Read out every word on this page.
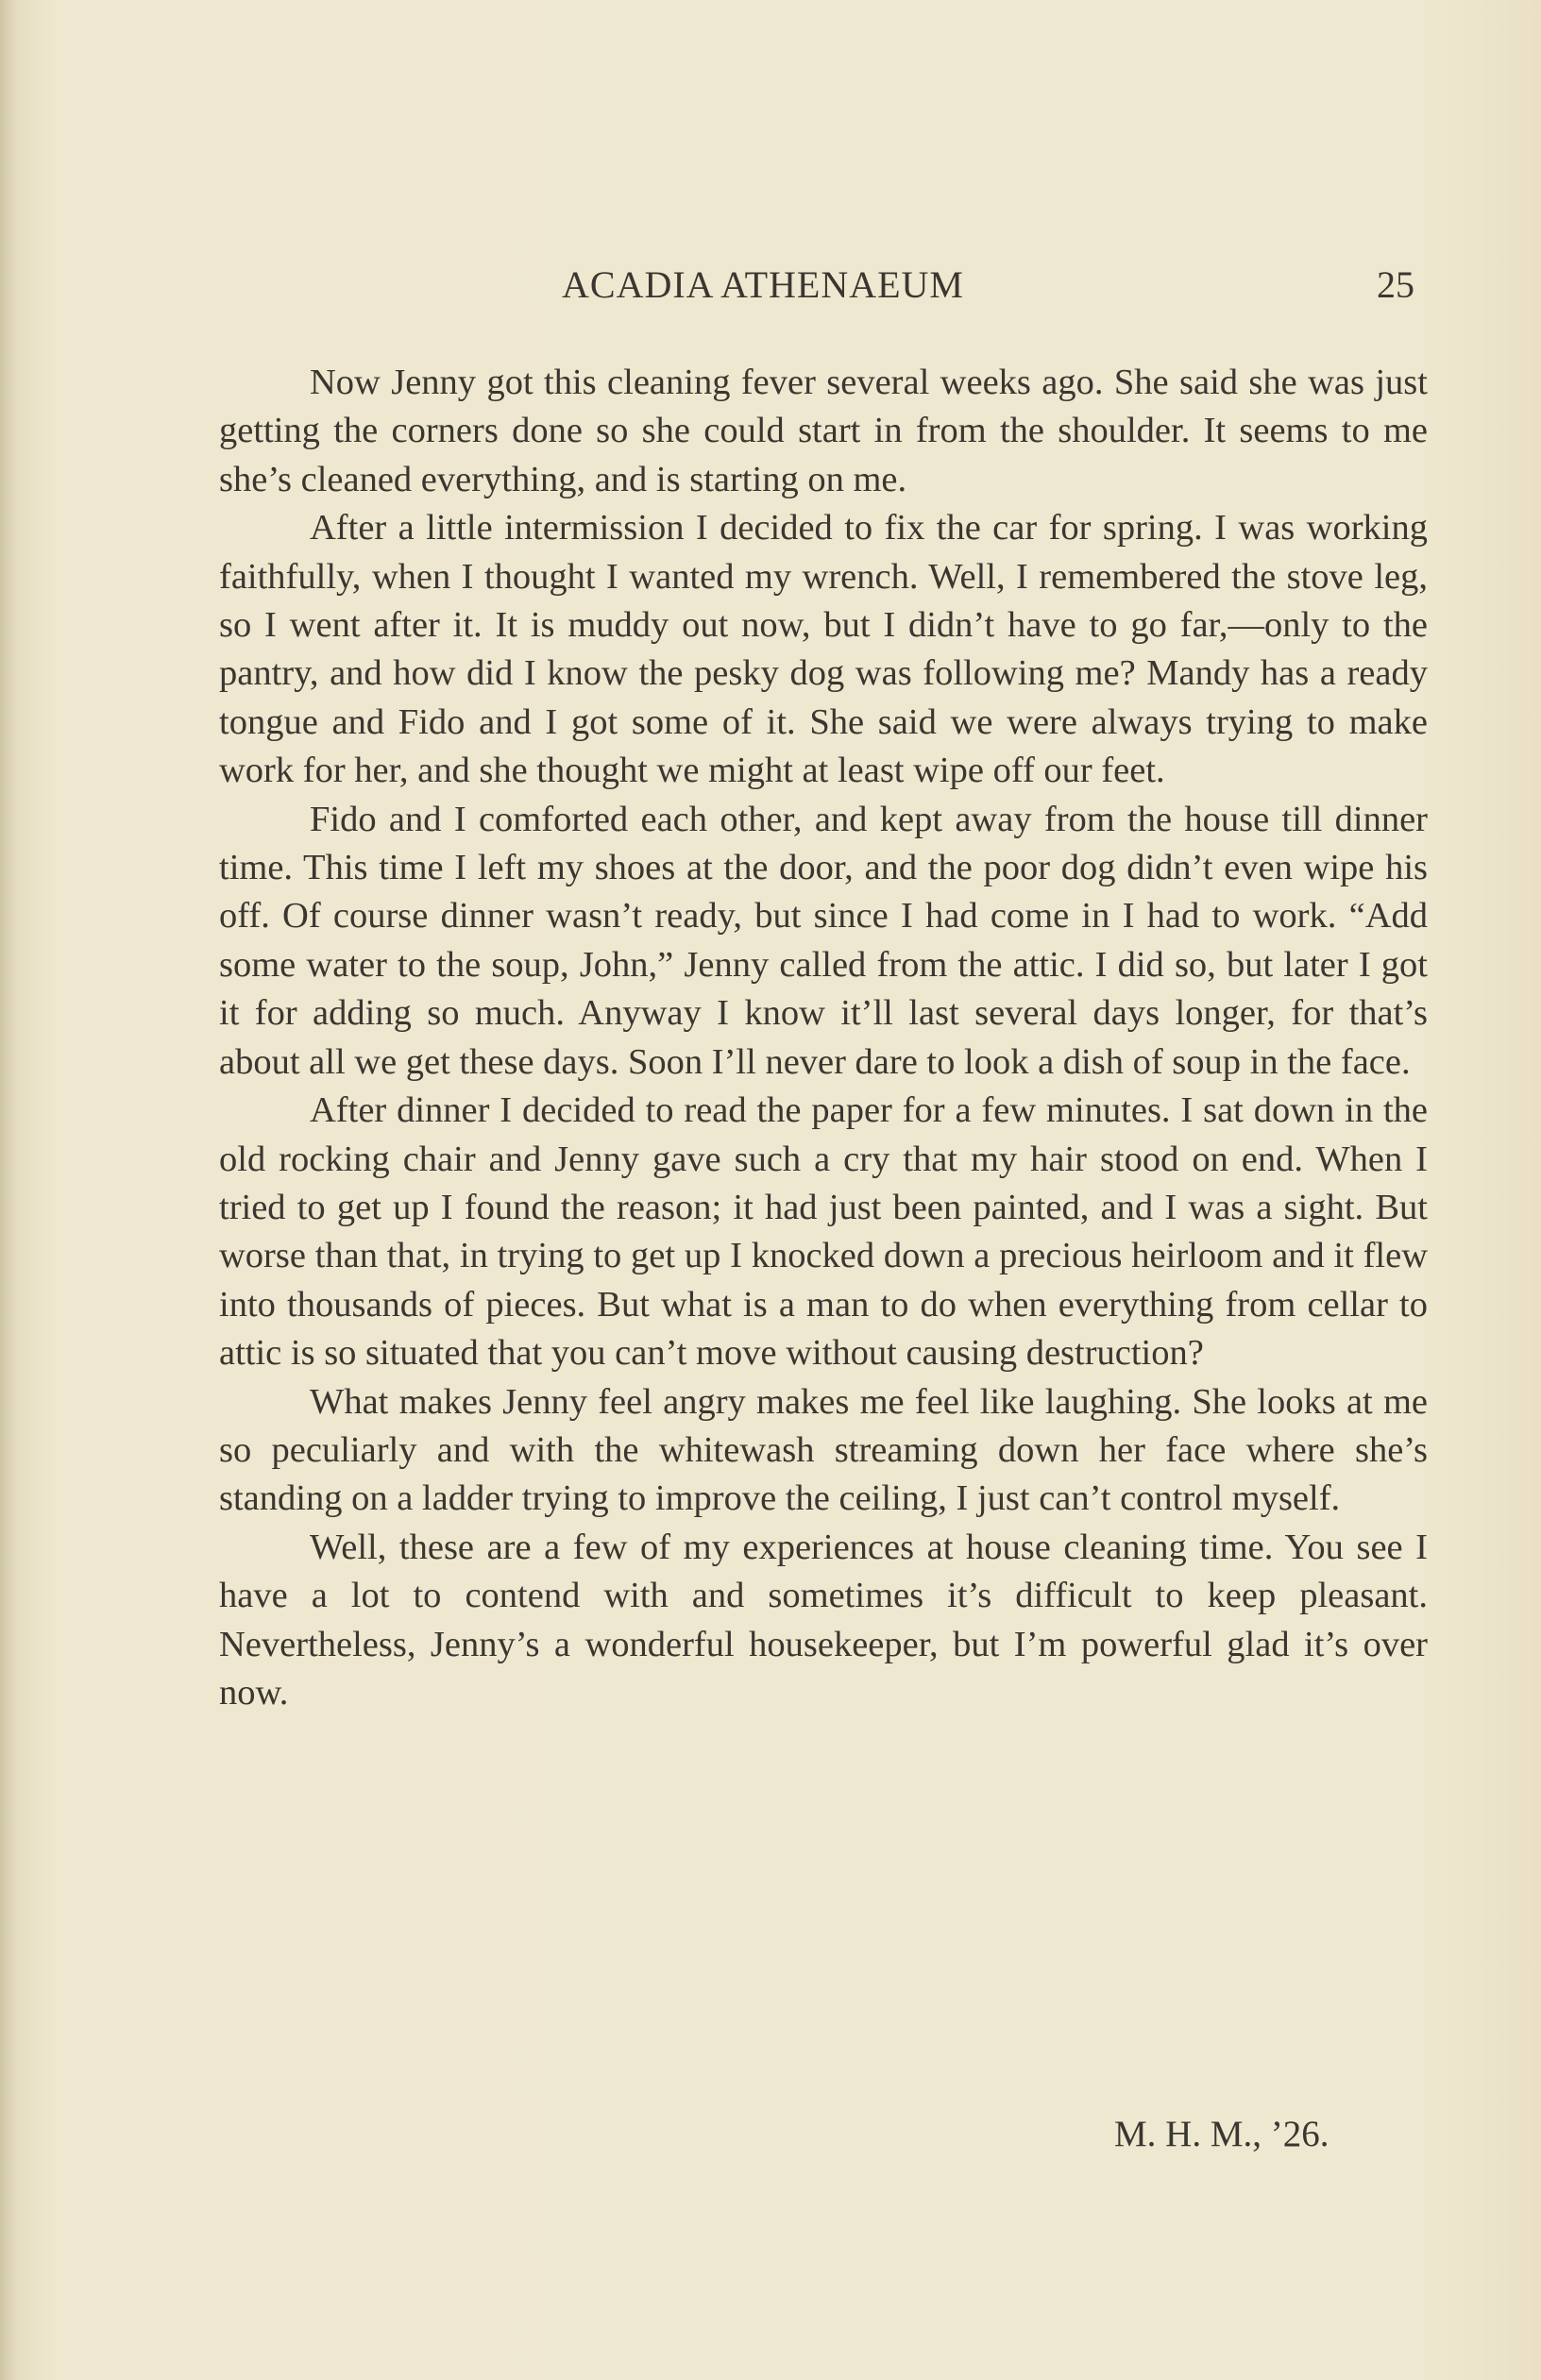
ACADIA ATHENAEUM	25

Now Jenny got this cleaning fever several weeks ago. She said she was just getting the corners done so she could start in from the shoulder. It seems to me she’s cleaned everything, and is starting on me.

After a little intermission I decided to fix the car for spring. I was working faithfully, when I thought I wanted my wrench. Well, I remembered the stove leg, so I went after it. It is muddy out now, but I didn’t have to go far,—only to the pantry, and how did I know the pesky dog was following me? Mandy has a ready tongue and Fido and I got some of it. She said we were always trying to make work for her, and she thought we might at least wipe off our feet.

Fido and I comforted each other, and kept away from the house till dinner time. This time I left my shoes at the door, and the poor dog didn’t even wipe his off. Of course dinner wasn’t ready, but since I had come in I had to work. “Add some water to the soup, John,” Jenny called from the attic. I did so, but later I got it for adding so much. Anyway I know it’ll last several days longer, for that’s about all we get these days. Soon I’ll never dare to look a dish of soup in the face.

After dinner I decided to read the paper for a few minutes. I sat down in the old rocking chair and Jenny gave such a cry that my hair stood on end. When I tried to get up I found the reason; it had just been painted, and I was a sight. But worse than that, in trying to get up I knocked down a precious heirloom and it flew into thousands of pieces. But what is a man to do when everything from cellar to attic is so situated that you can’t move without causing destruction?

What makes Jenny feel angry makes me feel like laughing. She looks at me so peculiarly and with the whitewash streaming down her face where she’s standing on a ladder trying to improve the ceiling, I just can’t control myself.

Well, these are a few of my experiences at house cleaning time. You see I have a lot to contend with and sometimes it’s difficult to keep pleasant. Nevertheless, Jenny’s a wonderful housekeeper, but I’m powerful glad it’s over now.

M. H. M., ’26.
